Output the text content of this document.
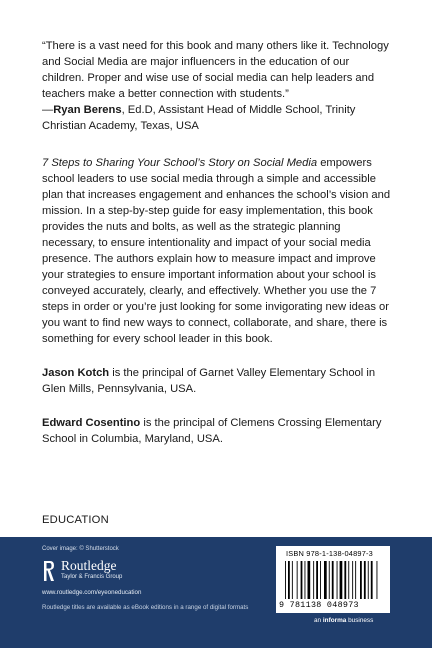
“There is a vast need for this book and many others like it. Technology and Social Media are major influencers in the education of our children. Proper and wise use of social media can help leaders and teachers make a better connection with students.”

—Ryan Berens, Ed.D, Assistant Head of Middle School, Trinity Christian Academy, Texas, USA

7 Steps to Sharing Your School’s Story on Social Media empowers school leaders to use social media through a simple and accessible plan that increases engagement and enhances the school’s vision and mission. In a step-by-step guide for easy implementation, this book provides the nuts and bolts, as well as the strategic planning necessary, to ensure intentionality and impact of your social media presence. The authors explain how to measure impact and improve your strategies to ensure important information about your school is conveyed accurately, clearly, and effectively. Whether you use the 7 steps in order or you’re just looking for some invigorating new ideas or you want to find new ways to connect, collaborate, and share, there is something for every school leader in this book.

Jason Kotch is the principal of Garnet Valley Elementary School in Glen Mills, Pennsylvania, USA.

Edward Cosentino is the principal of Clemens Crossing Elementary School in Columbia, Maryland, USA.

EDUCATION
Cover image: © Shutterstock
Routledge
Taylor & Francis Group
www.routledge.com/eyeoneducation
Routledge titles are available as eBook editions in a range of digital formats
ISBN 978-1-138-04897-3
9 781138 048973
an informa business
